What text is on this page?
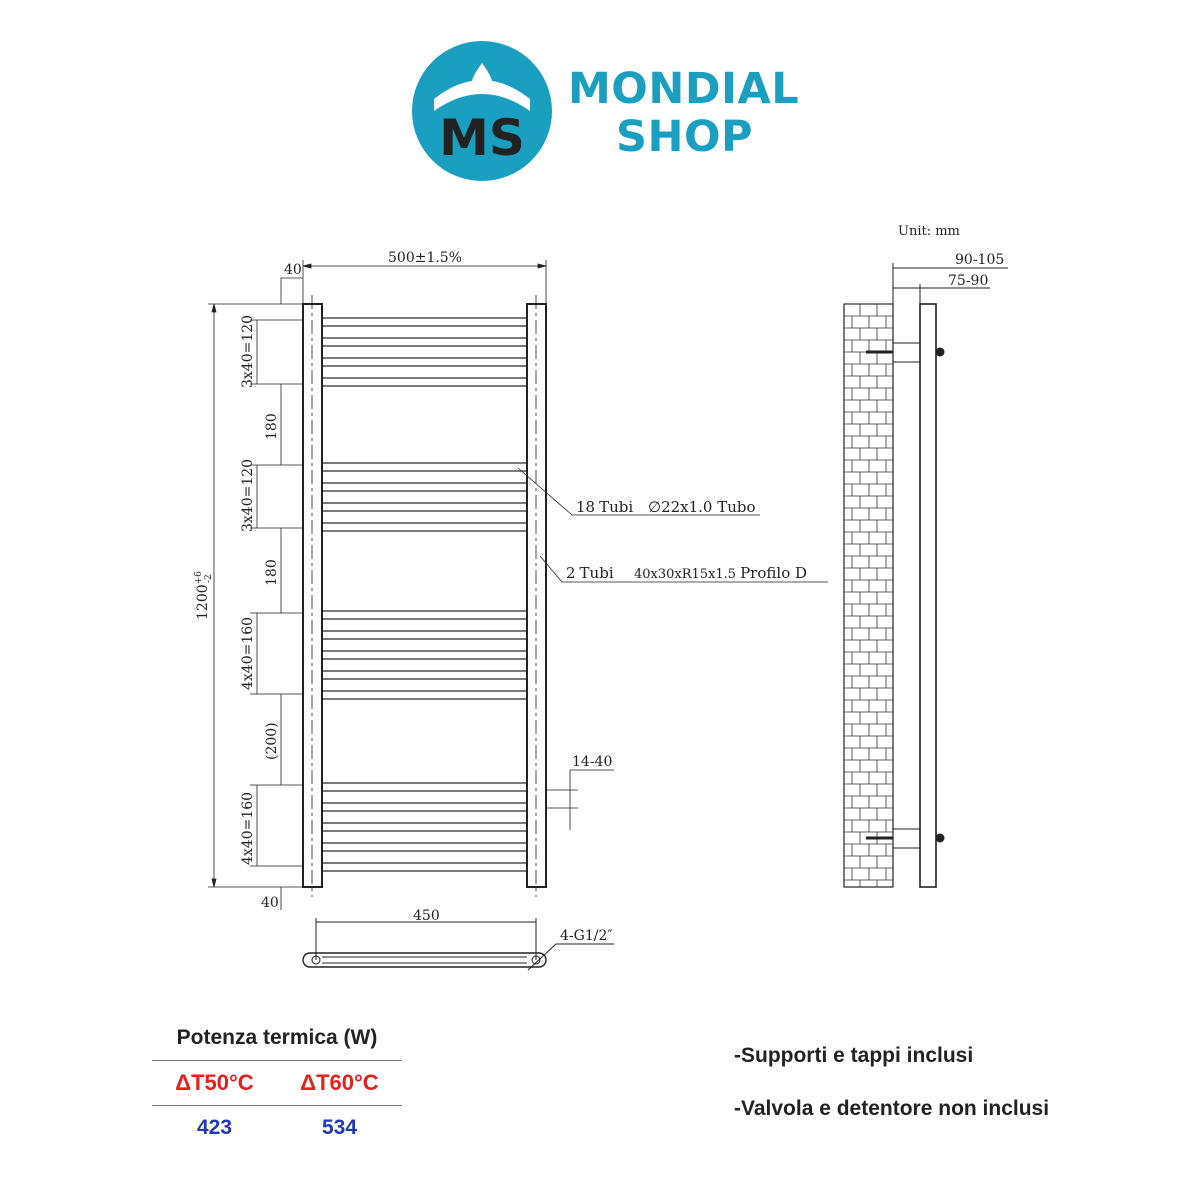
MS
MONDIAL
SHOP
Unit: mm
500±1.5%
40
40
$1200^{+6}-2$
3x40=120
180
3x40=120
180
4x40=160
(200)
4x40=160
18 Tubi ∅22x1.0 Tubo
2 Tubi 40x30xR15x1.5 Profilo D
14-40
90-105
75-90
450
4-G1/2″
Potenza termica (W)
ΔT50°C ΔT60°C
423	534
-Supporti e tappi inclusi
-Valvola e detentore non inclusi
